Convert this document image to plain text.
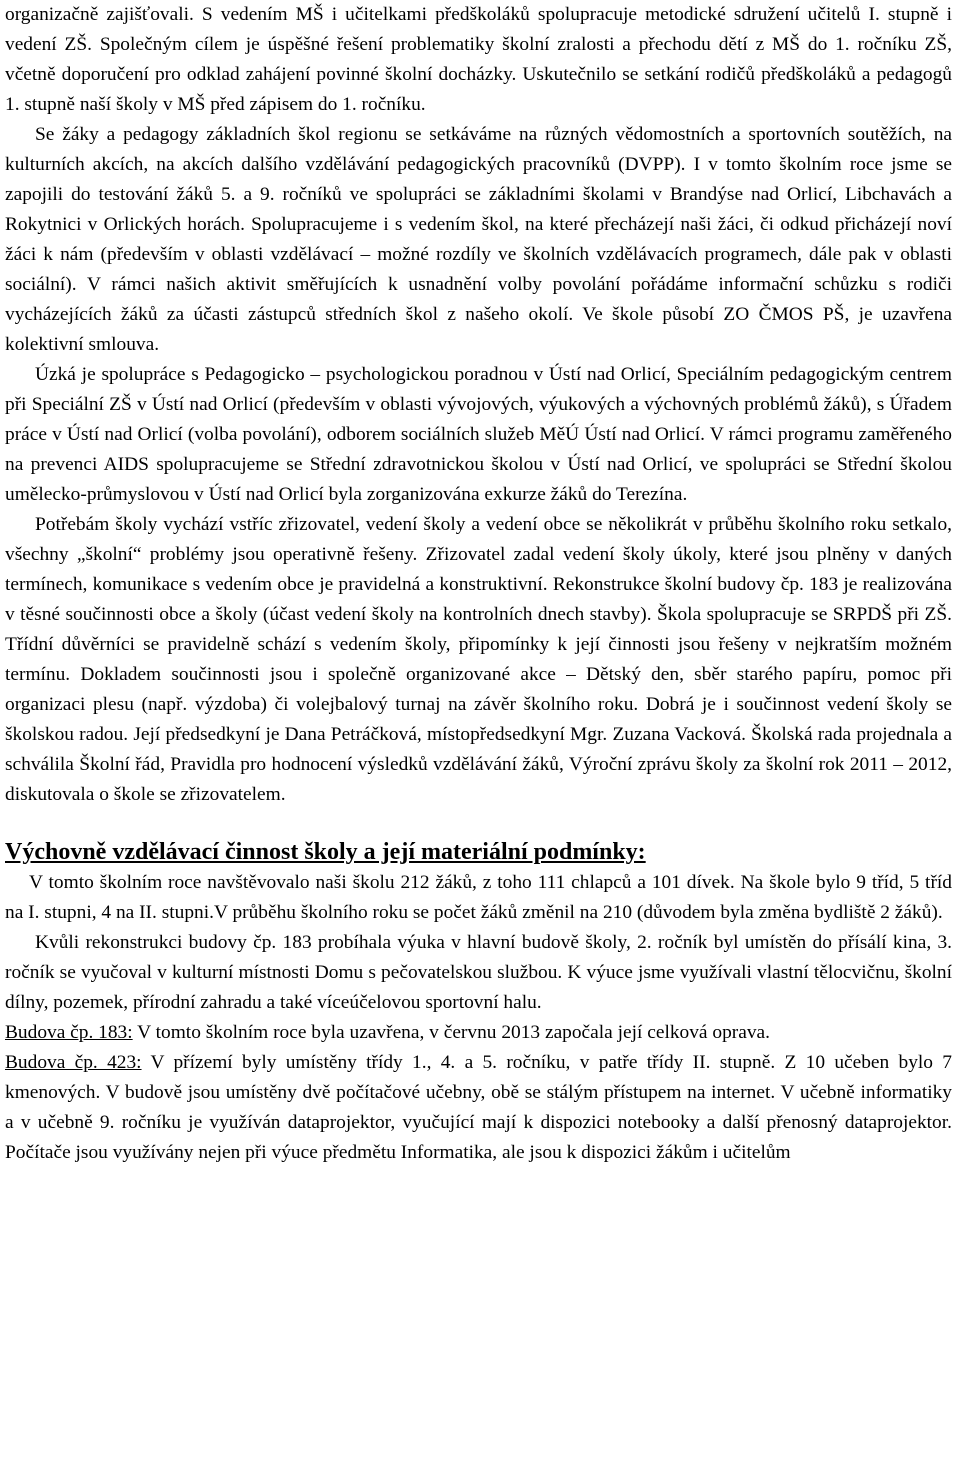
organizačně zajišťovali. S vedením MŠ i učitelkami předškoláků spolupracuje metodické sdružení učitelů I. stupně i vedení ZŠ. Společným cílem je úspěšné řešení problematiky školní zralosti a přechodu dětí z MŠ do 1. ročníku ZŠ, včetně doporučení pro odklad zahájení povinné školní docházky. Uskutečnilo se setkání rodičů předškoláků a pedagogů 1. stupně naší školy v MŠ před zápisem do 1. ročníku.

Se žáky a pedagogy základních škol regionu se setkáváme na různých vědomostních a sportovních soutěžích, na kulturních akcích, na akcích dalšího vzdělávání pedagogických pracovníků (DVPP). I v tomto školním roce jsme se zapojili do testování žáků 5. a 9. ročníků ve spolupráci se základními školami v Brandýse nad Orlicí, Libchavách a Rokytnici v Orlických horách. Spolupracujeme i s vedením škol, na které přecházejí naši žáci, či odkud přicházejí noví žáci k nám (především v oblasti vzdělávací – možné rozdíly ve školních vzdělávacích programech, dále pak v oblasti sociální). V rámci našich aktivit směřujících k usnadnění volby povolání pořádáme informační schůzku s rodiči vycházejících žáků za účasti zástupců středních škol z našeho okolí. Ve škole působí ZO ČMOS PŠ, je uzavřena kolektivní smlouva.

Úzká je spolupráce s Pedagogicko – psychologickou poradnou v Ústí nad Orlicí, Speciálním pedagogickým centrem při Speciální ZŠ v Ústí nad Orlicí (především v oblasti vývojových, výukových a výchovných problémů žáků), s Úřadem práce v Ústí nad Orlicí (volba povolání), odborem sociálních služeb MěÚ Ústí nad Orlicí. V rámci programu zaměřeného na prevenci AIDS spolupracujeme se Střední zdravotnickou školou v Ústí nad Orlicí, ve spolupráci se Střední školou umělecko-průmyslovou v Ústí nad Orlicí byla zorganizována exkurze žáků do Terezína.

Potřebám školy vychází vstříc zřizovatel, vedení školy a vedení obce se několikrát v průběhu školního roku setkalo, všechny „školní“ problémy jsou operativně řešeny. Zřizovatel zadal vedení školy úkoly, které jsou plněny v daných termínech, komunikace s vedením obce je pravidelná a konstruktivní. Rekonstrukce školní budovy čp. 183 je realizována v těsné součinnosti obce a školy (účast vedení školy na kontrolních dnech stavby). Škola spolupracuje se SRPDŠ při ZŠ. Třídní důvěrníci se pravidelně schází s vedením školy, připomínky k její činnosti jsou řešeny v nejkratším možném termínu. Dokladem součinnosti jsou i společně organizované akce – Dětský den, sběr starého papíru, pomoc při organizaci plesu (např. výzdoba) či volejbalový turnaj na závěr školního roku. Dobrá je i součinnost vedení školy se školskou radou. Její předsedkyní je Dana Petráčková, místopředsedkyní Mgr. Zuzana Vacková. Školská rada projednala a schválila Školní řád, Pravidla pro hodnocení výsledků vzdělávání žáků, Výroční zprávu školy za školní rok 2011 – 2012, diskutovala o škole se zřizovatelem.

Výchovně vzdělávací činnost školy a její materiální podmínky:

V tomto školním roce navštěvovalo naši školu 212 žáků, z toho 111 chlapců a 101 dívek. Na škole bylo 9 tříd, 5 tříd na I. stupni, 4 na II. stupni.V průběhu školního roku se počet žáků změnil na 210 (důvodem byla změna bydliště 2 žáků).

Kvůli rekonstrukci budovy čp. 183 probíhala výuka v hlavní budově školy, 2. ročník byl umístěn do přísálí kina, 3. ročník se vyučoval v kulturní místnosti Domu s pečovatelskou službou. K výuce jsme využívali vlastní tělocvičnu, školní dílny, pozemek, přírodní zahradu a také víceúčelovou sportovní halu.

Budova čp. 183: V tomto školním roce byla uzavřena, v červnu 2013 započala její celková oprava.

Budova čp. 423: V přízemí byly umístěny třídy 1., 4. a 5. ročníku, v patře třídy II. stupně. Z 10 učeben bylo 7 kmenových. V budově jsou umístěny dvě počítačové učebny, obě se stálým přístupem na internet. V učebně informatiky a v učebně 9. ročníku je využíván dataprojektor, vyučující mají k dispozici notebooky a další přenosný dataprojektor. Počítače jsou využívány nejen při výuce předmětu Informatika, ale jsou k dispozici žákům i učitelům
